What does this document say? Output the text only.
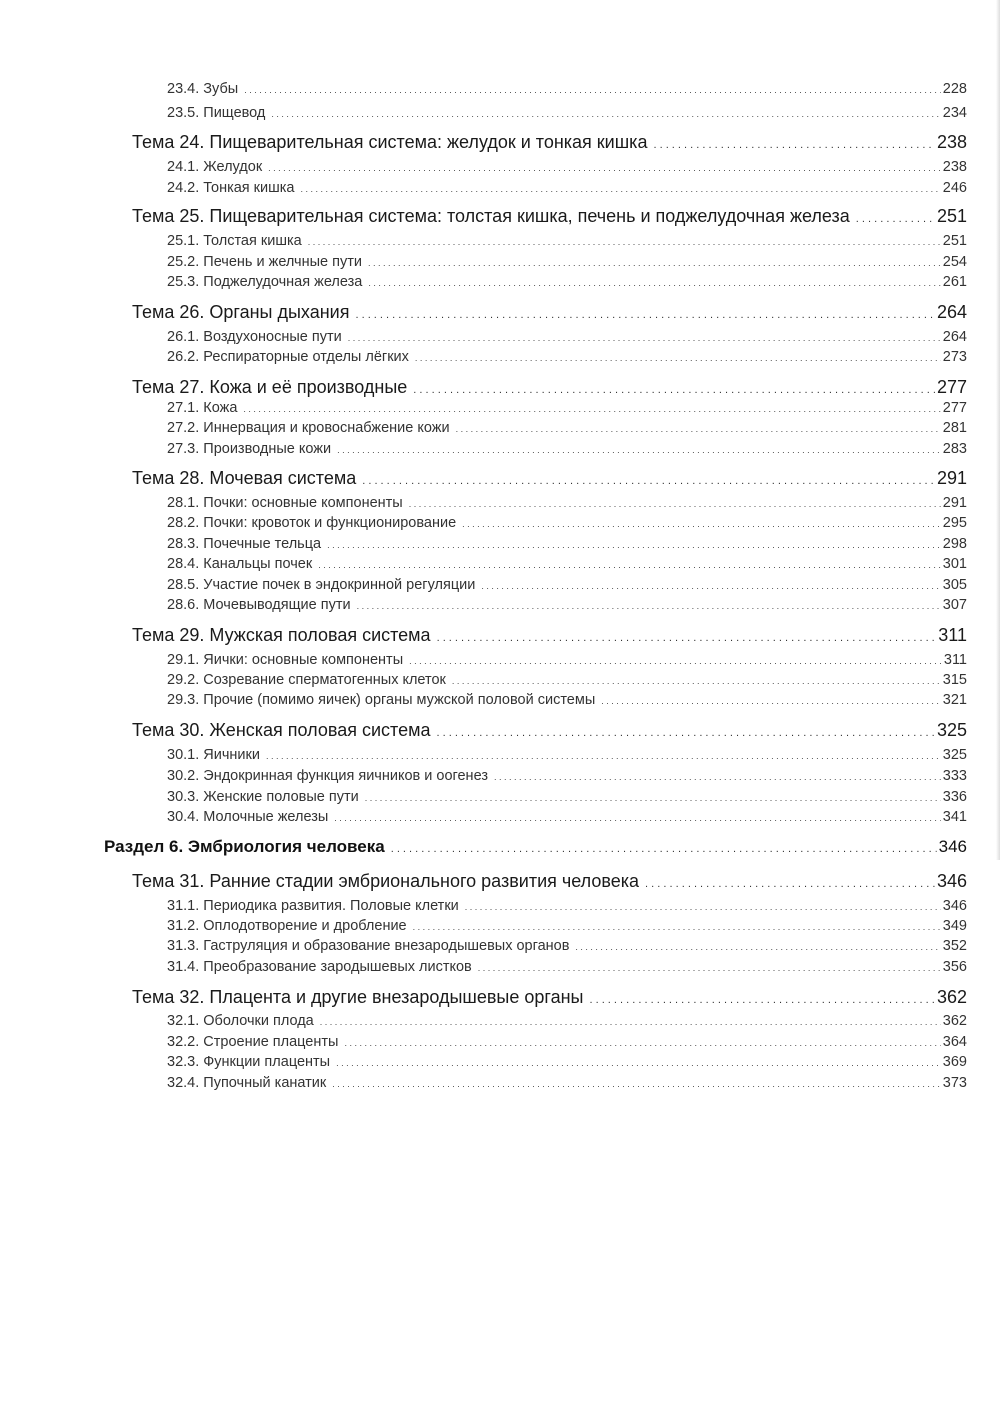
23.4. Зубы . . .	228
23.5. Пищевод . . .	234
Тема 24. Пищеварительная система: желудок и тонкая кишка . . .	238
24.1. Желудок . . .	238
24.2. Тонкая кишка . . .	246
Тема 25. Пищеварительная система: толстая кишка, печень и поджелудочная железа . . .	251
25.1. Толстая кишка . . .	251
25.2. Печень и желчные пути . . .	254
25.3. Поджелудочная железа . . .	261
Тема 26. Органы дыхания . . .	264
26.1. Воздухоносные пути . . .	264
26.2. Респираторные отделы лёгких . . .	273
Тема 27. Кожа и её производные . . .	277
27.1. Кожа . . .	277
27.2. Иннервация и кровоснабжение кожи . . .	281
27.3. Производные кожи . . .	283
Тема 28. Мочевая система . . .	291
28.1. Почки: основные компоненты . . .	291
28.2. Почки: кровоток и функционирование . . .	295
28.3. Почечные тельца . . .	298
28.4. Канальцы почек . . .	301
28.5. Участие почек в эндокринной регуляции . . .	305
28.6. Мочевыводящие пути . . .	307
Тема 29. Мужская половая система . . .	311
29.1. Яички: основные компоненты . . .	311
29.2. Созревание сперматогенных клеток . . .	315
29.3. Прочие (помимо яичек) органы мужской половой системы . . .	321
Тема 30. Женская половая система . . .	325
30.1. Яичники . . .	325
30.2. Эндокринная функция яичников и оогенез . . .	333
30.3. Женские половые пути . . .	336
30.4. Молочные железы . . .	341
Раздел 6. Эмбриология человека . . .	346
Тема 31. Ранние стадии эмбрионального развития человека . . .	346
31.1. Периодика развития. Половые клетки . . .	346
31.2. Оплодотворение и дробление . . .	349
31.3. Гаструляция и образование внезародышевых органов . . .	352
31.4. Преобразование зародышевых листков . . .	356
Тема 32. Плацента и другие внезародышевые органы . . .	362
32.1. Оболочки плода . . .	362
32.2. Строение плаценты . . .	364
32.3. Функции плаценты . . .	369
32.4. Пупочный канатик . . .	373
